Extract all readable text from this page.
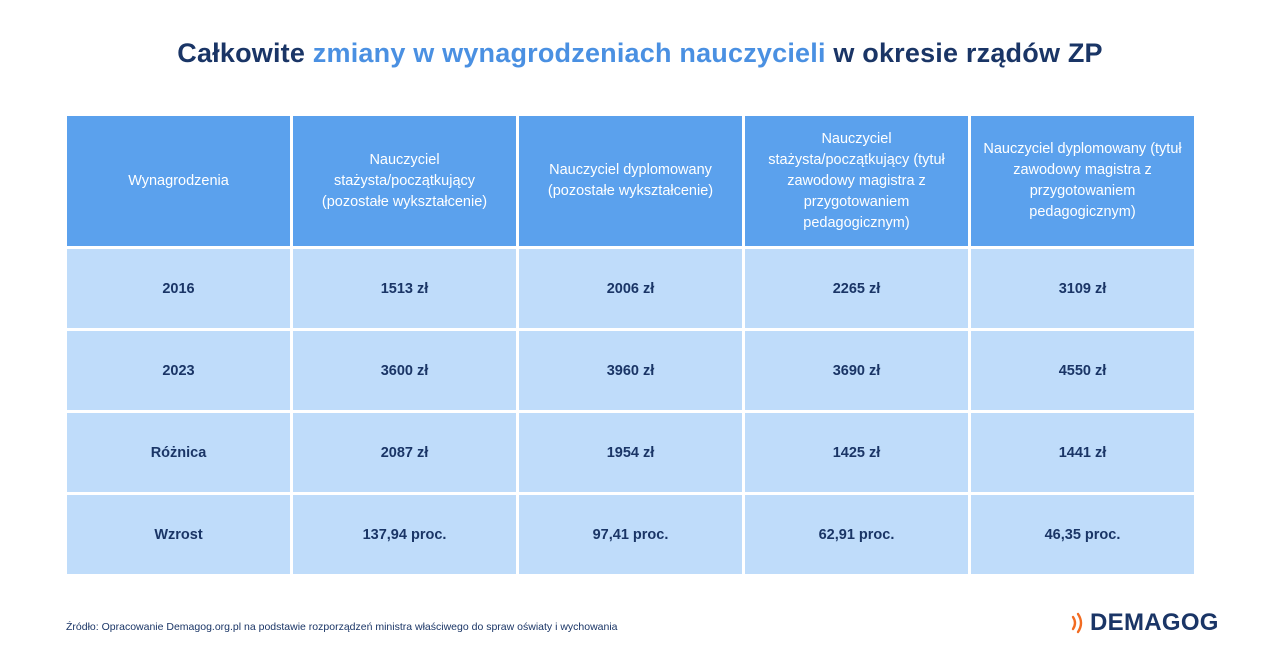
Całkowite zmiany w wynagrodzeniach nauczycieli w okresie rządów ZP
Wynagrodzenia	Nauczyciel stażysta/początkujący (pozostałe wykształcenie)	Nauczyciel dyplomowany (pozostałe wykształcenie)	Nauczyciel stażysta/początkujący (tytuł zawodowy magistra z przygotowaniem pedagogicznym)	Nauczyciel dyplomowany (tytuł zawodowy magistra z przygotowaniem pedagogicznym)
2016	1513 zł	2006 zł	2265 zł	3109 zł
2023	3600 zł	3960 zł	3690 zł	4550 zł
Różnica	2087 zł	1954 zł	1425 zł	1441 zł
Wzrost	137,94 proc.	97,41 proc.	62,91 proc.	46,35 proc.
Źródło: Opracowanie Demagog.org.pl na podstawie rozporządzeń ministra właściwego do spraw oświaty i wychowania	DEMAGOG
